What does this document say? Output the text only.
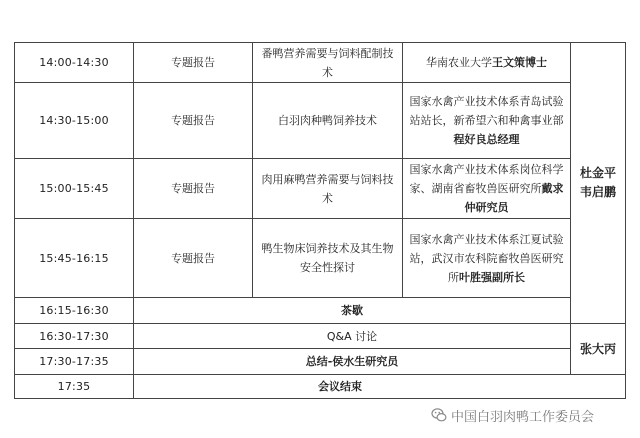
14:00-14:30	专题报告	番鸭营养需要与饲料配制技术	华南农业大学王文策博士	杜金平
韦启鹏
14:30-15:00	专题报告	白羽肉种鸭饲养技术	国家水禽产业技术体系青岛试验站站长，新希望六和种禽事业部程好良总经理	
15:00-15:45	专题报告	肉用麻鸭营养需要与饲料技术	国家水禽产业技术体系岗位科学家、湖南省畜牧兽医研究所戴求仲研究员	
15:45-16:15	专题报告	鸭生物床饲养技术及其生物安全性探讨	国家水禽产业技术体系江夏试验站，武汉市农科院畜牧兽医研究所叶胜强副所长	
16:15-16:30	茶歇			
16:30-17:30	Q&A 讨论			张大丙
17:30-17:35	总结-侯水生研究员			
17:35	会议结束			
中国白羽肉鸭工作委员会
